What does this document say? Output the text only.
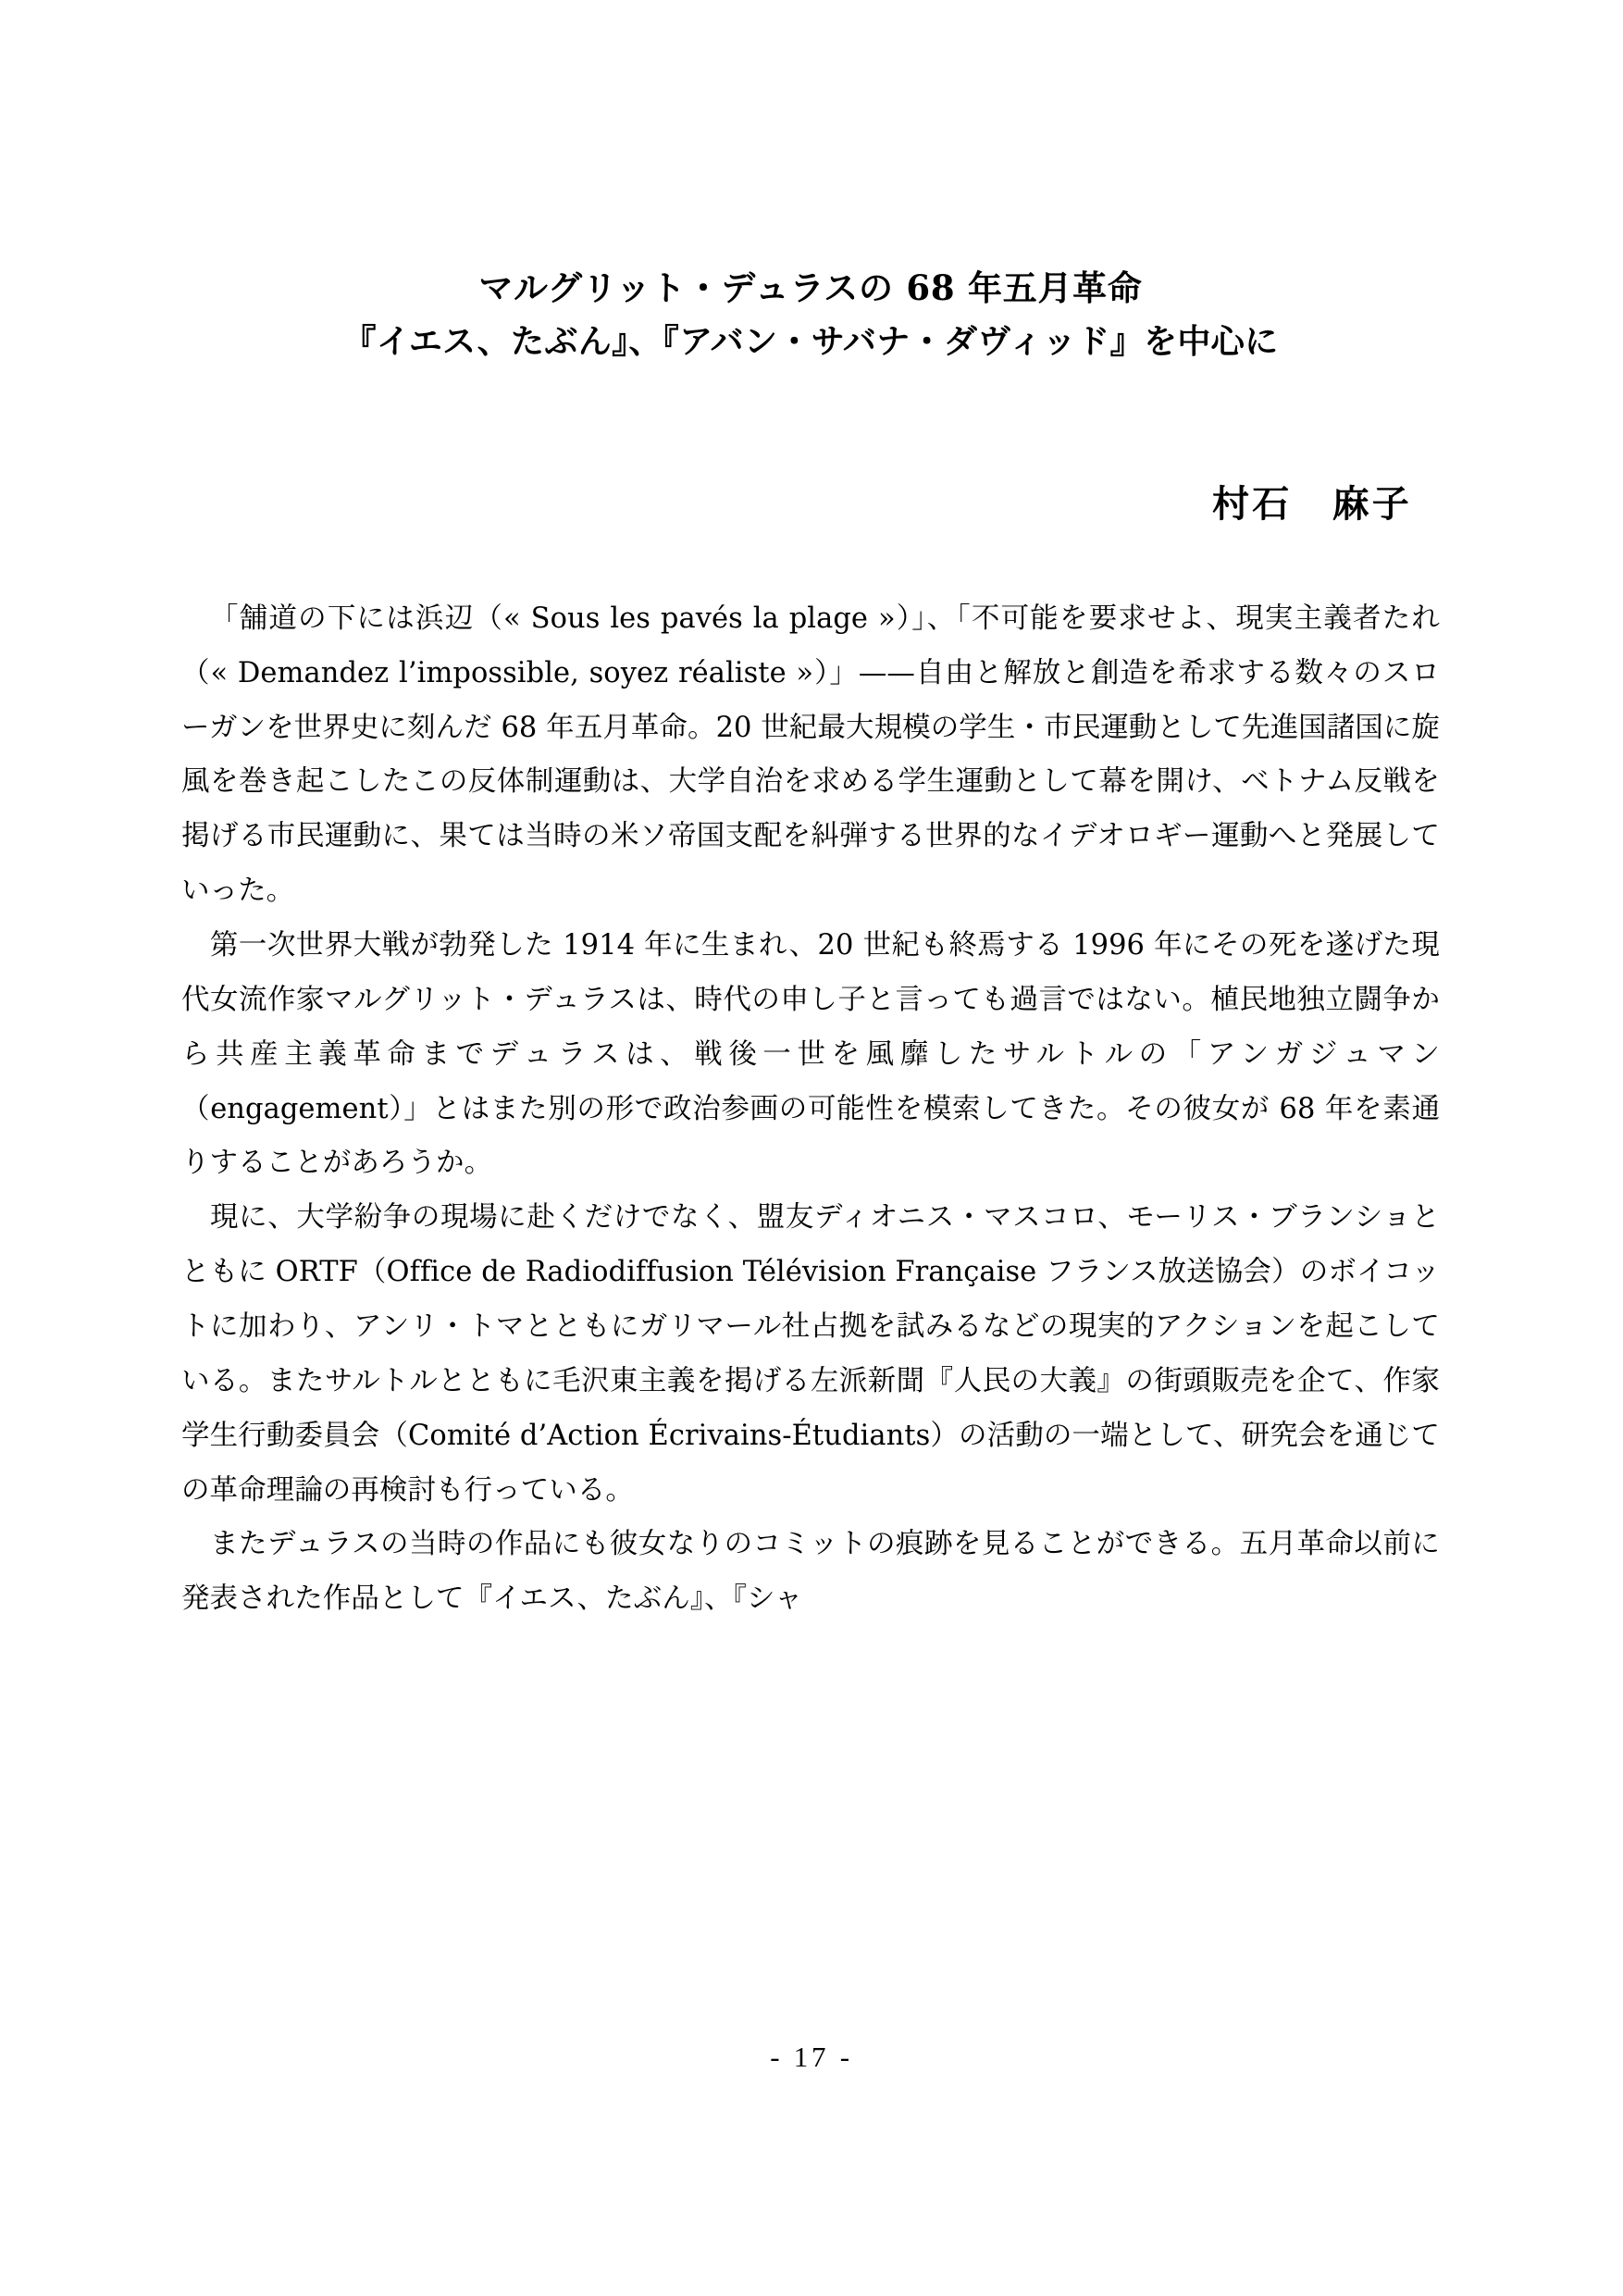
マルグリット・デュラスの 68 年五月革命
『イエス、たぶん』、『アバン・サバナ・ダヴィッド』を中心に
村石　麻子

「舗道の下には浜辺（« Sous les pavés la plage »）」、「不可能を要求せよ、現実主義者たれ（« Demandez l’impossible, soyez réaliste »）」——自由と解放と創造を希求する数々のスローガンを世界史に刻んだ 68 年五月革命。20 世紀最大規模の学生・市民運動として先進国諸国に旋風を巻き起こしたこの反体制運動は、大学自治を求める学生運動として幕を開け、ベトナム反戦を掲げる市民運動に、果ては当時の米ソ帝国支配を糾弾する世界的なイデオロギー運動へと発展していった。

第一次世界大戦が勃発した 1914 年に生まれ、20 世紀も終焉する 1996 年にその死を遂げた現代女流作家マルグリット・デュラスは、時代の申し子と言っても過言ではない。植民地独立闘争から共産主義革命までデュラスは、戦後一世を風靡したサルトルの「アンガジュマン（engagement）」とはまた別の形で政治参画の可能性を模索してきた。その彼女が 68 年を素通りすることがあろうか。

現に、大学紛争の現場に赴くだけでなく、盟友ディオニス・マスコロ、モーリス・ブランショとともに ORTF（Office de Radiodiffusion Télévision Française フランス放送協会）のボイコットに加わり、アンリ・トマとともにガリマール社占拠を試みるなどの現実的アクションを起こしている。またサルトルとともに毛沢東主義を掲げる左派新聞『人民の大義』の街頭販売を企て、作家学生行動委員会（Comité d’Action Écrivains-Étudiants）の活動の一端として、研究会を通じての革命理論の再検討も行っている。

またデュラスの当時の作品にも彼女なりのコミットの痕跡を見ることができる。五月革命以前に発表された作品として『イエス、たぶん』、『シャ

- 17 -
